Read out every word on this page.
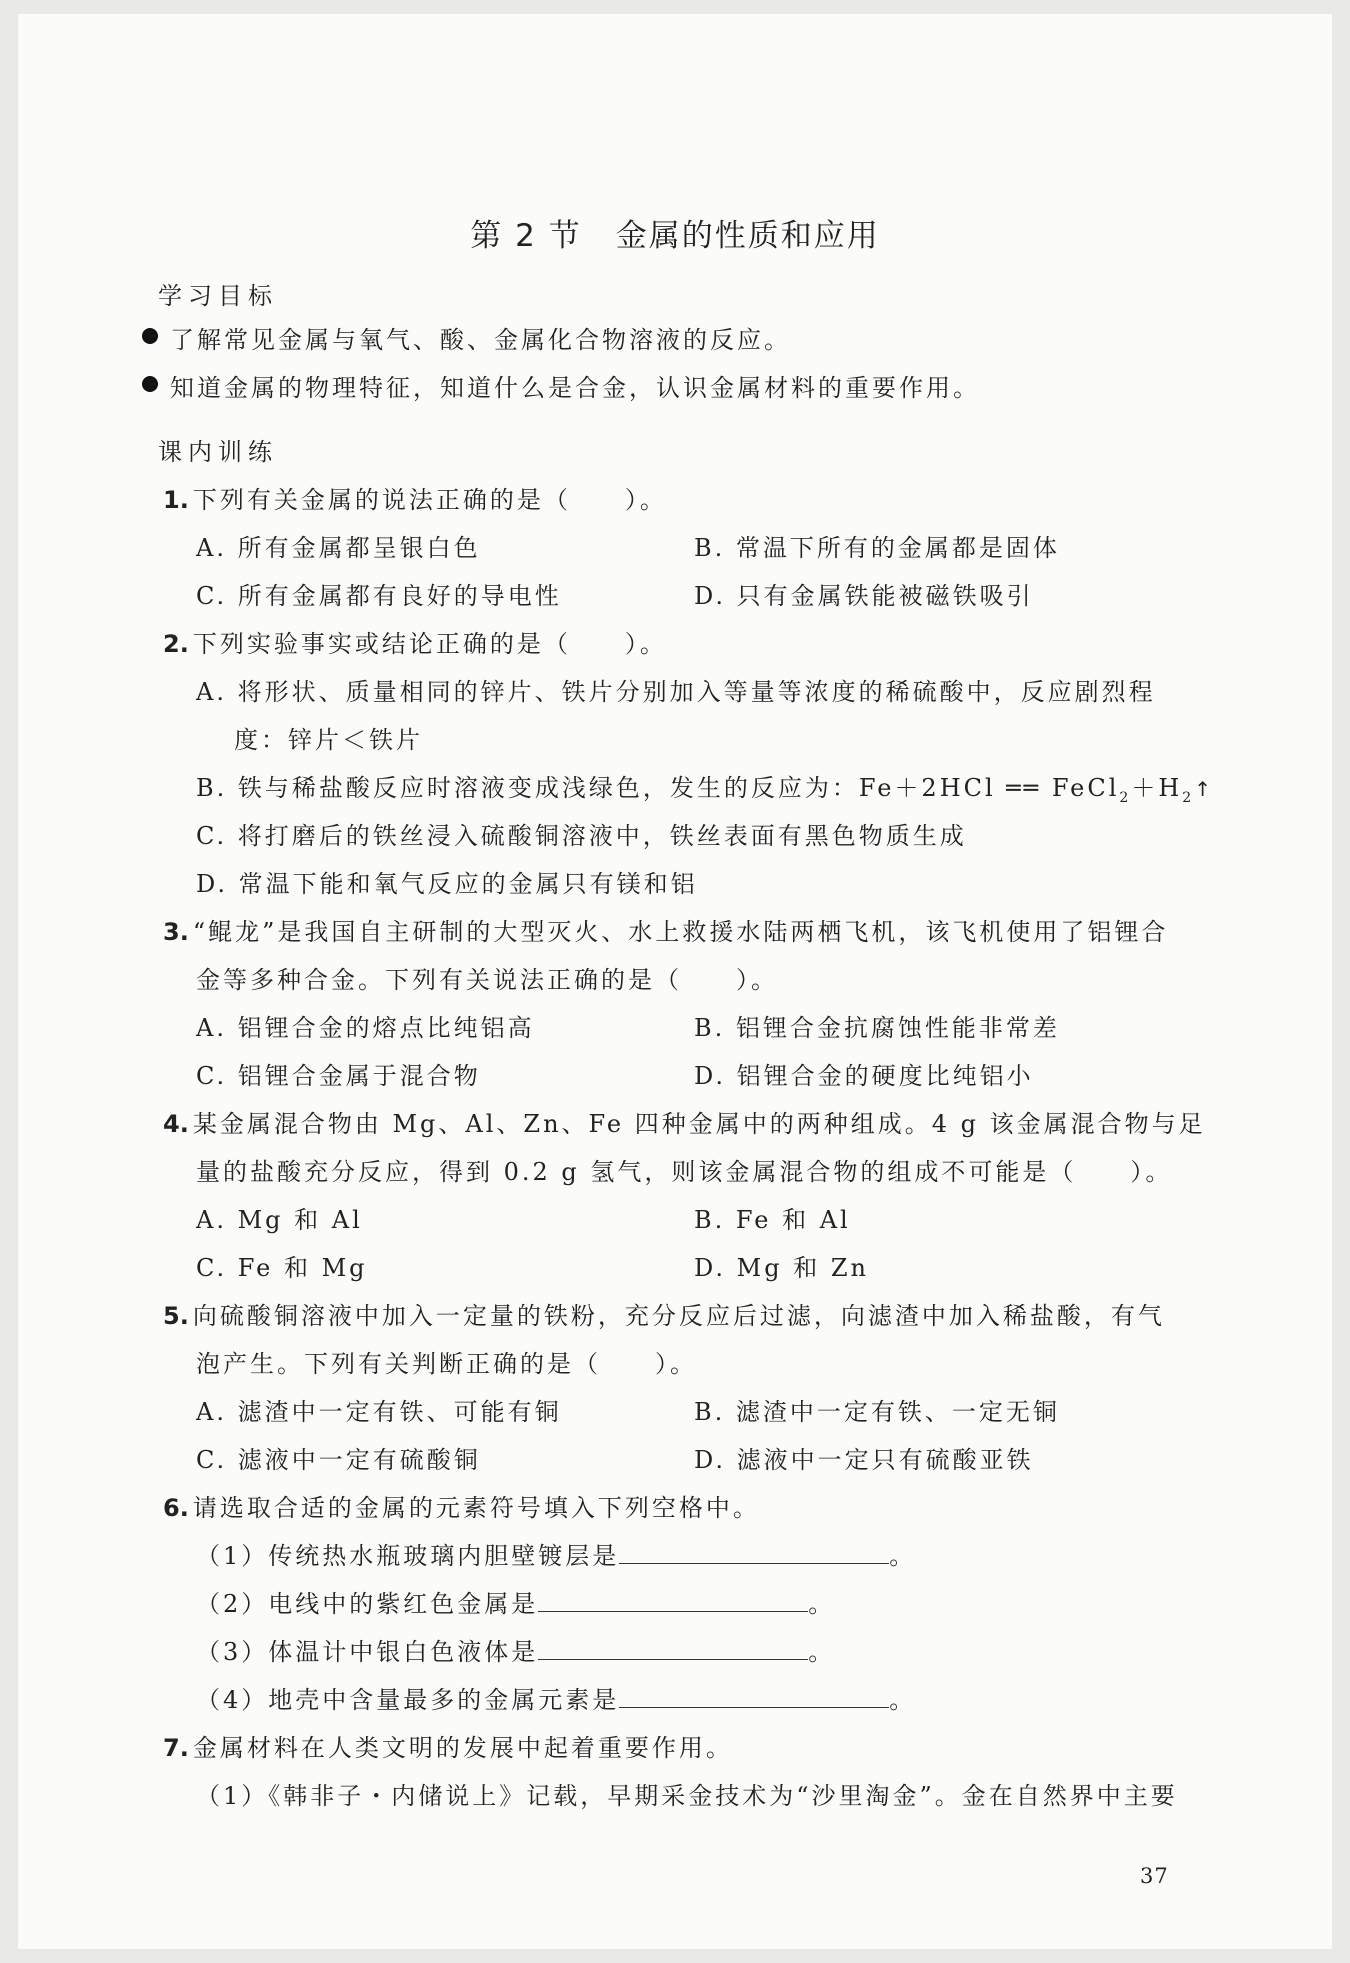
第 2 节 金属的性质和应用
学习目标
了解常见金属与氧气、酸、金属化合物溶液的反应。
知道金属的物理特征，知道什么是合金，认识金属材料的重要作用。
课内训练
1. 下列有关金属的说法正确的是（　　）。
A. 所有金属都呈银白色	B. 常温下所有的金属都是固体
C. 所有金属都有良好的导电性	D. 只有金属铁能被磁铁吸引
2. 下列实验事实或结论正确的是（　　）。
A. 将形状、质量相同的锌片、铁片分别加入等量等浓度的稀硫酸中，反应剧烈程
度：锌片＜铁片
B. 铁与稀盐酸反应时溶液变成浅绿色，发生的反应为：Fe＋2HCl ══ $FeCl_2+H_2↑$
C. 将打磨后的铁丝浸入硫酸铜溶液中，铁丝表面有黑色物质生成
D. 常温下能和氧气反应的金属只有镁和铝
3. “鲲龙”是我国自主研制的大型灭火、水上救援水陆两栖飞机，该飞机使用了铝锂合
金等多种合金。下列有关说法正确的是（　　）。
A. 铝锂合金的熔点比纯铝高	B. 铝锂合金抗腐蚀性能非常差
C. 铝锂合金属于混合物	D. 铝锂合金的硬度比纯铝小
4. 某金属混合物由 Mg、Al、Zn、Fe 四种金属中的两种组成。4 g 该金属混合物与足
量的盐酸充分反应，得到 0.2 g 氢气，则该金属混合物的组成不可能是（　　）。
A. Mg 和 Al	B. Fe 和 Al
C. Fe 和 Mg	D. Mg 和 Zn
5. 向硫酸铜溶液中加入一定量的铁粉，充分反应后过滤，向滤渣中加入稀盐酸，有气
泡产生。下列有关判断正确的是（　　）。
A. 滤渣中一定有铁、可能有铜	B. 滤渣中一定有铁、一定无铜
C. 滤液中一定有硫酸铜	D. 滤液中一定只有硫酸亚铁
6. 请选取合适的金属的元素符号填入下列空格中。
（1）传统热水瓶玻璃内胆壁镀层是	。
（2）电线中的紫红色金属是	。
（3）体温计中银白色液体是	。
（4）地壳中含量最多的金属元素是	。
7. 金属材料在人类文明的发展中起着重要作用。
（1）《韩非子・内储说上》记载，早期采金技术为“沙里淘金”。金在自然界中主要
37
